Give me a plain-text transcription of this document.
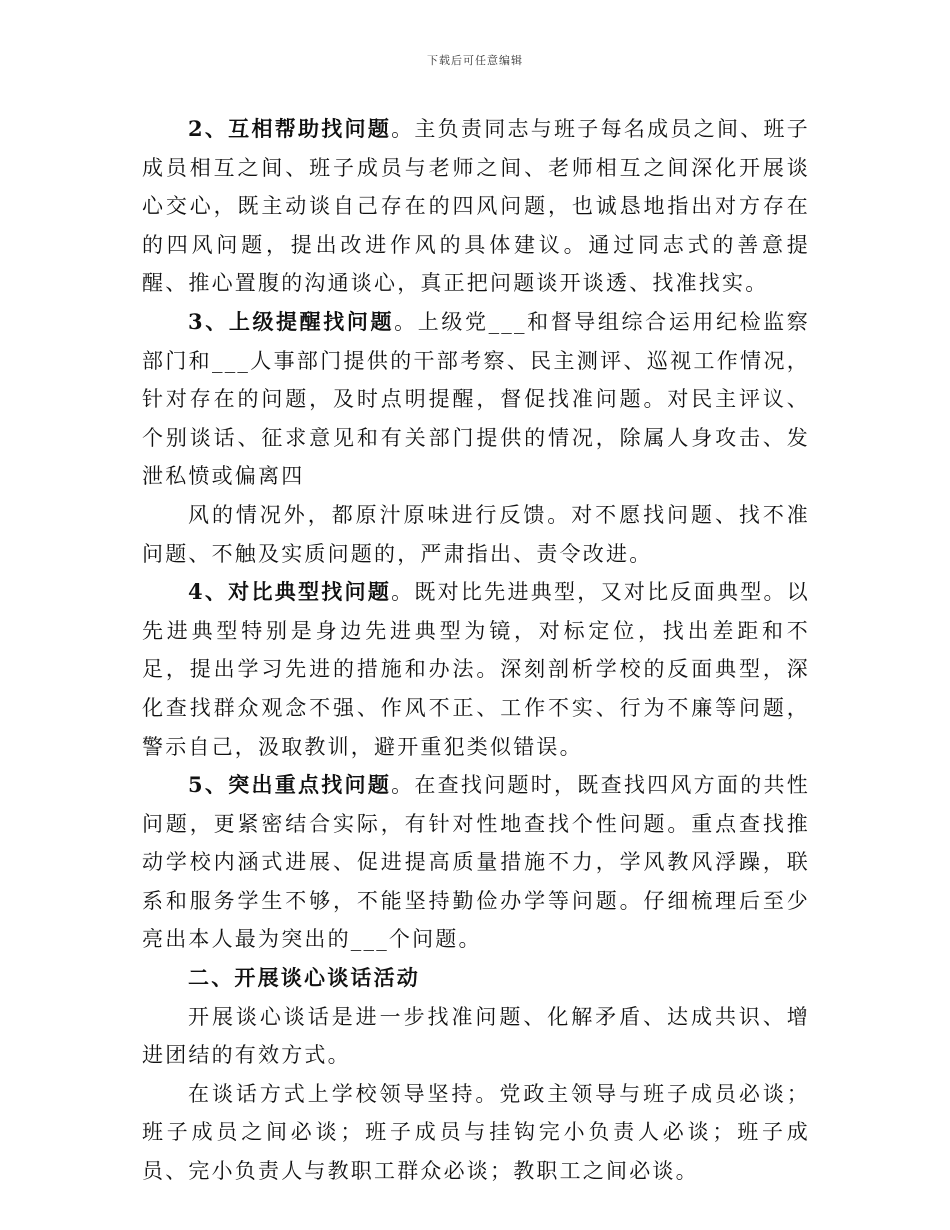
下载后可任意编辑

2、互相帮助找问题。主负责同志与班子每名成员之间、班子成员相互之间、班子成员与老师之间、老师相互之间深化开展谈心交心，既主动谈自己存在的四风问题，也诚恳地指出对方存在的四风问题，提出改进作风的具体建议。通过同志式的善意提醒、推心置腹的沟通谈心，真正把问题谈开谈透、找准找实。

3、上级提醒找问题。上级党___和督导组综合运用纪检监察部门和___人事部门提供的干部考察、民主测评、巡视工作情况，针对存在的问题，及时点明提醒，督促找准问题。对民主评议、个别谈话、征求意见和有关部门提供的情况，除属人身攻击、发泄私愤或偏离四

风的情况外，都原汁原味进行反馈。对不愿找问题、找不准问题、不触及实质问题的，严肃指出、责令改进。

4、对比典型找问题。既对比先进典型，又对比反面典型。以先进典型特别是身边先进典型为镜，对标定位，找出差距和不足，提出学习先进的措施和办法。深刻剖析学校的反面典型，深化查找群众观念不强、作风不正、工作不实、行为不廉等问题，警示自己，汲取教训，避开重犯类似错误。

5、突出重点找问题。在查找问题时，既查找四风方面的共性问题，更紧密结合实际，有针对性地查找个性问题。重点查找推动学校内涵式进展、促进提高质量措施不力，学风教风浮躁，联系和服务学生不够，不能坚持勤俭办学等问题。仔细梳理后至少亮出本人最为突出的___个问题。

二、开展谈心谈话活动

开展谈心谈话是进一步找准问题、化解矛盾、达成共识、增进团结的有效方式。

在谈话方式上学校领导坚持。党政主领导与班子成员必谈；班子成员之间必谈；班子成员与挂钩完小负责人必谈；班子成员、完小负责人与教职工群众必谈；教职工之间必谈。
